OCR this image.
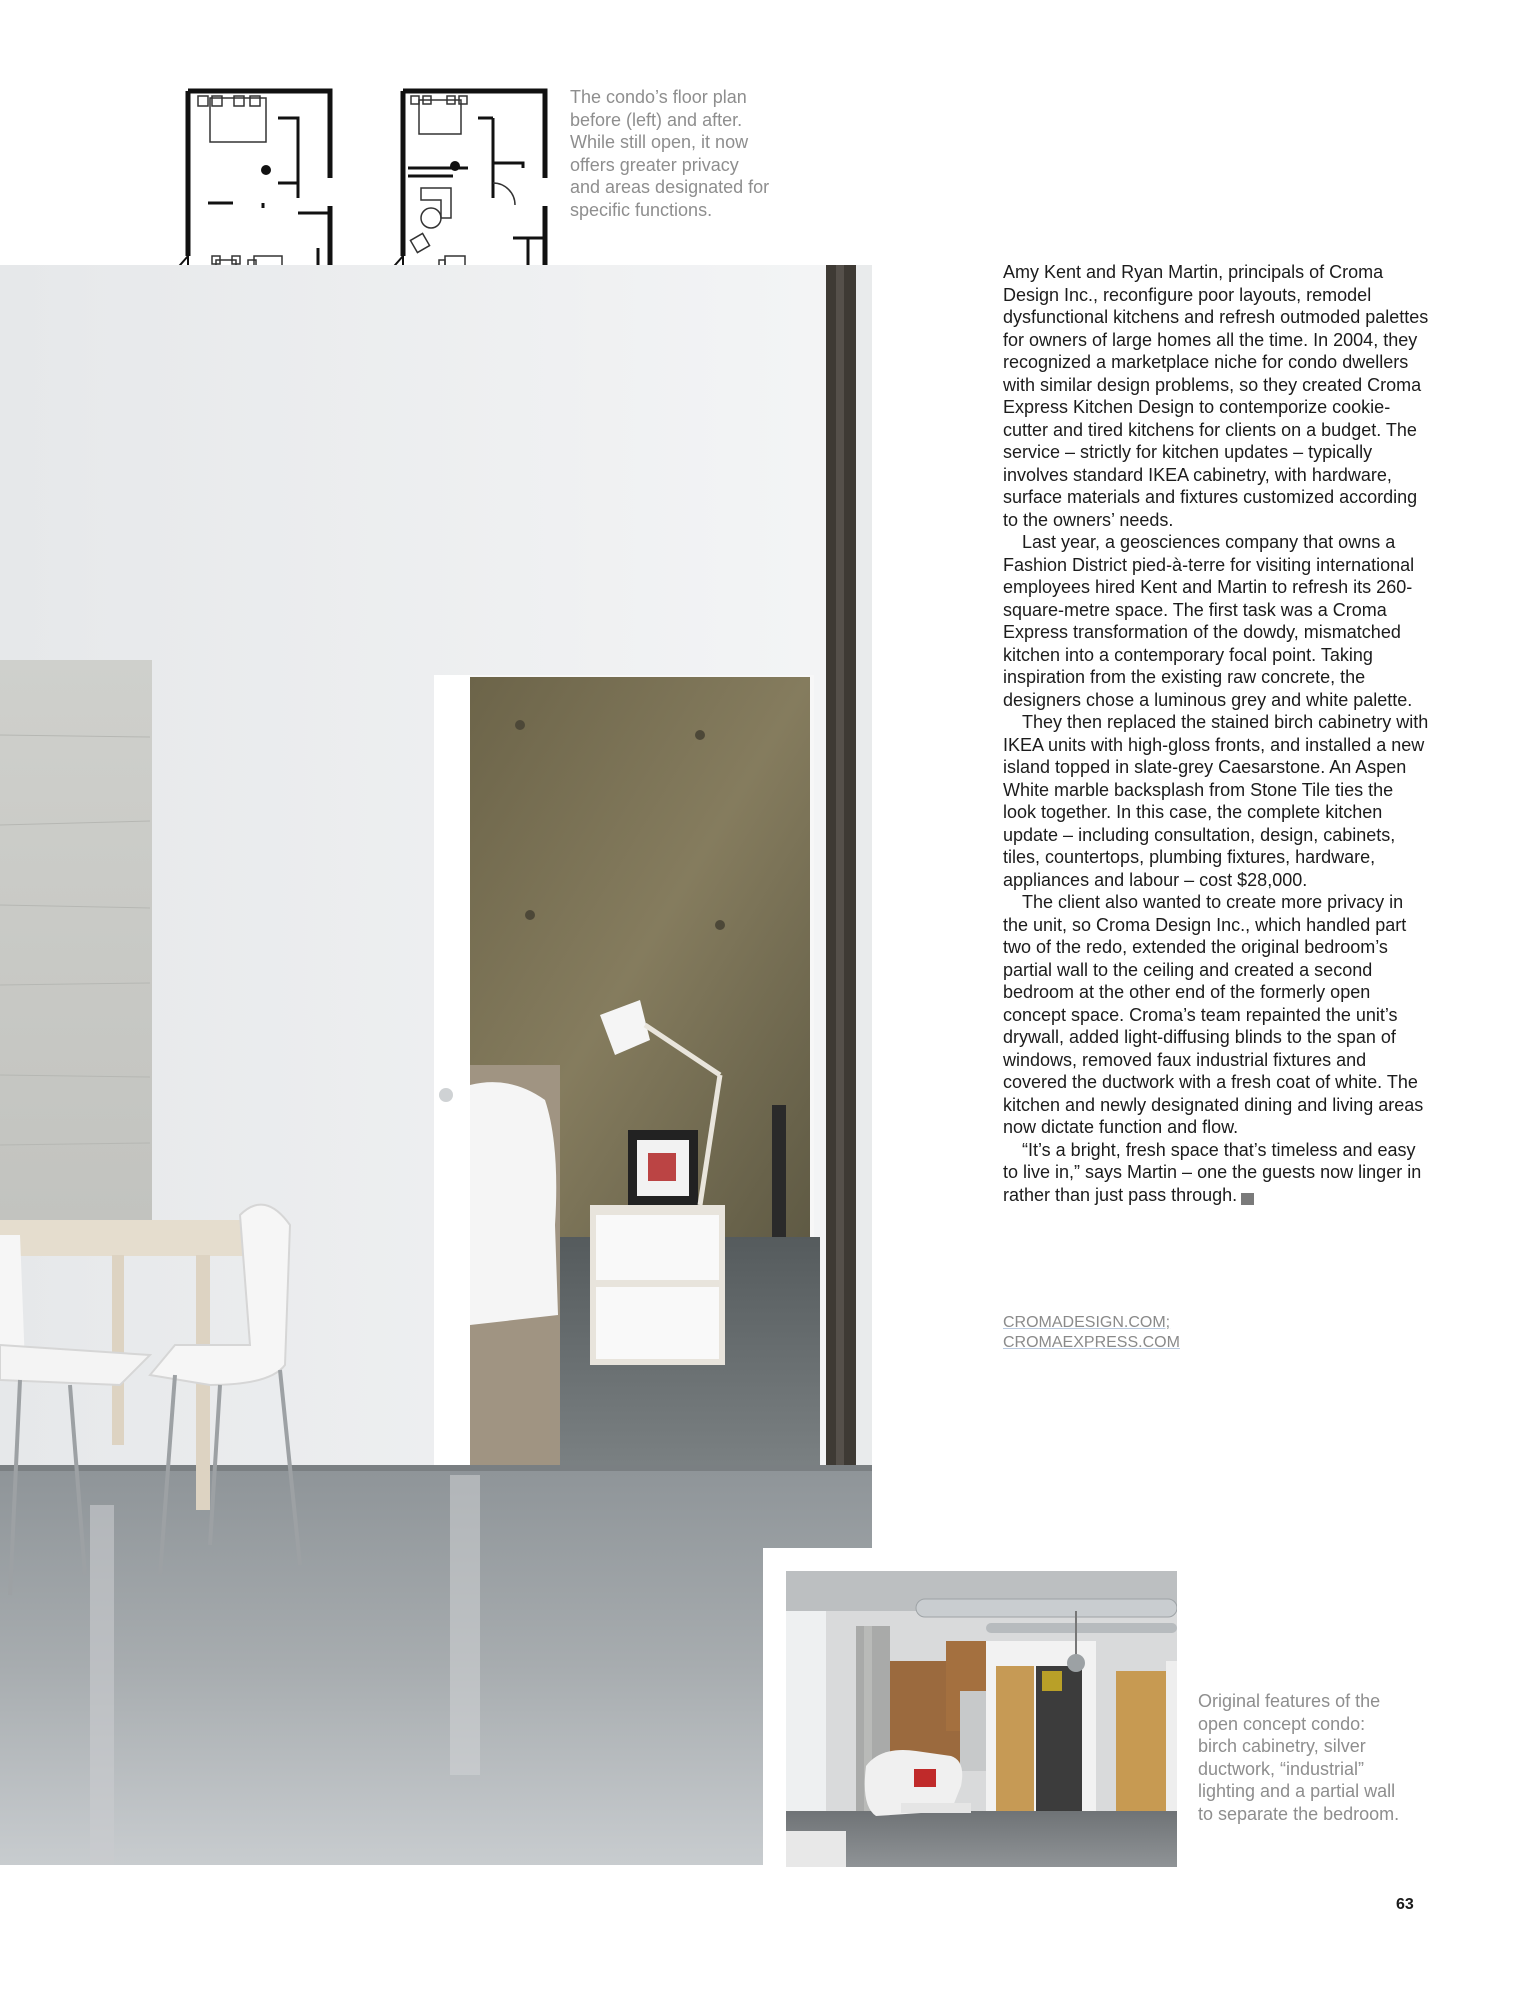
The condo’s floor plan before (left) and after. While still open, it now offers greater privacy and areas designated for specific functions.

Amy Kent and Ryan Martin, principals of Croma Design Inc., reconfigure poor layouts, remodel dysfunctional kitchens and refresh outmoded palettes for owners of large homes all the time. In 2004, they recognized a marketplace niche for condo dwellers with similar design problems, so they created Croma Express Kitchen Design to contemporize cookie-cutter and tired kitchens for clients on a budget. The service – strictly for kitchen updates – typically involves standard IKEA cabinetry, with hardware, surface materials and fixtures customized according to the owners’ needs.

Last year, a geosciences company that owns a Fashion District pied-à-terre for visiting international employees hired Kent and Martin to refresh its 260-square-metre space. The first task was a Croma Express transformation of the dowdy, mismatched kitchen into a contemporary focal point. Taking inspiration from the existing raw concrete, the designers chose a luminous grey and white palette.

They then replaced the stained birch cabinetry with IKEA units with high-gloss fronts, and installed a new island topped in slate-grey Caesarstone. An Aspen White marble backsplash from Stone Tile ties the look together. In this case, the complete kitchen update – including consultation, design, cabinets, tiles, countertops, plumbing fixtures, hardware, appliances and labour – cost $28,000.

The client also wanted to create more privacy in the unit, so Croma Design Inc., which handled part two of the redo, extended the original bedroom’s partial wall to the ceiling and created a second bedroom at the other end of the formerly open concept space. Croma’s team repainted the unit’s drywall, added light-diffusing blinds to the span of windows, removed faux industrial fixtures and covered the ductwork with a fresh coat of white. The kitchen and newly designated dining and living areas now dictate function and flow.

“It’s a bright, fresh space that’s timeless and easy to live in,” says Martin – one the guests now linger in rather than just pass through.	CL

CROMADESIGN.COM;
CROMAEXPRESS.COM
Original features of the open concept condo: birch cabinetry, silver ductwork, “industrial” lighting and a partial wall to separate the bedroom.
63
